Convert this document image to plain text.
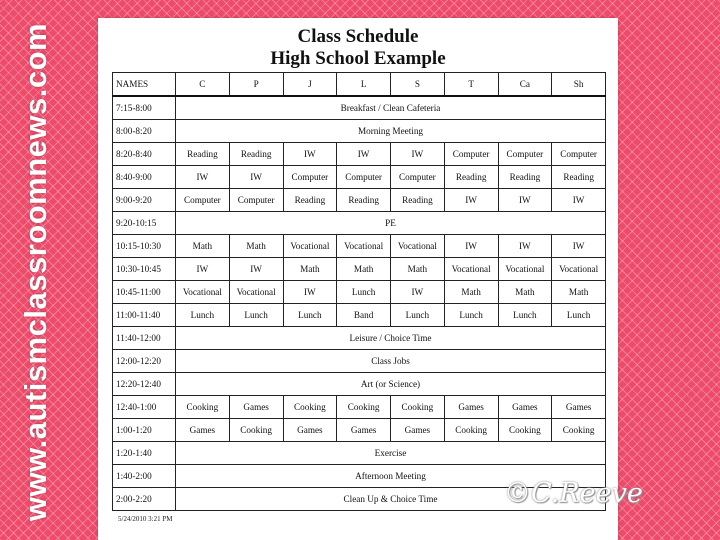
www.autismclassroomnews.com	Class Schedule
High School Example
NAMES	C	P	J	L	S	T	Ca	Sh
7:15-8:00	Breakfast / Clean Cafeteria							
8:00-8:20	Morning Meeting							
8:20-8:40	Reading	Reading	IW	IW	IW	Computer	Computer	Computer
8:40-9:00	IW	IW	Computer	Computer	Computer	Reading	Reading	Reading
9:00-9:20	Computer	Computer	Reading	Reading	Reading	IW	IW	IW
9:20-10:15	PE							
10:15-10:30	Math	Math	Vocational	Vocational	Vocational	IW	IW	IW
10:30-10:45	IW	IW	Math	Math	Math	Vocational	Vocational	Vocational
10:45-11:00	Vocational	Vocational	IW	Lunch	IW	Math	Math	Math
11:00-11:40	Lunch	Lunch	Lunch	Band	Lunch	Lunch	Lunch	Lunch
11:40-12:00	Leisure / Choice Time							
12:00-12:20	Class Jobs							
12:20-12:40	Art (or Science)							
12:40-1:00	Cooking	Games	Cooking	Cooking	Cooking	Games	Games	Games
1:00-1:20	Games	Cooking	Games	Games	Games	Cooking	Cooking	Cooking
1:20-1:40	Exercise							
1:40-2:00	Afternoon Meeting							
2:00-2:20	Clean Up & Choice Time							
5/24/2010 3:21 PM
©C.Reeve
